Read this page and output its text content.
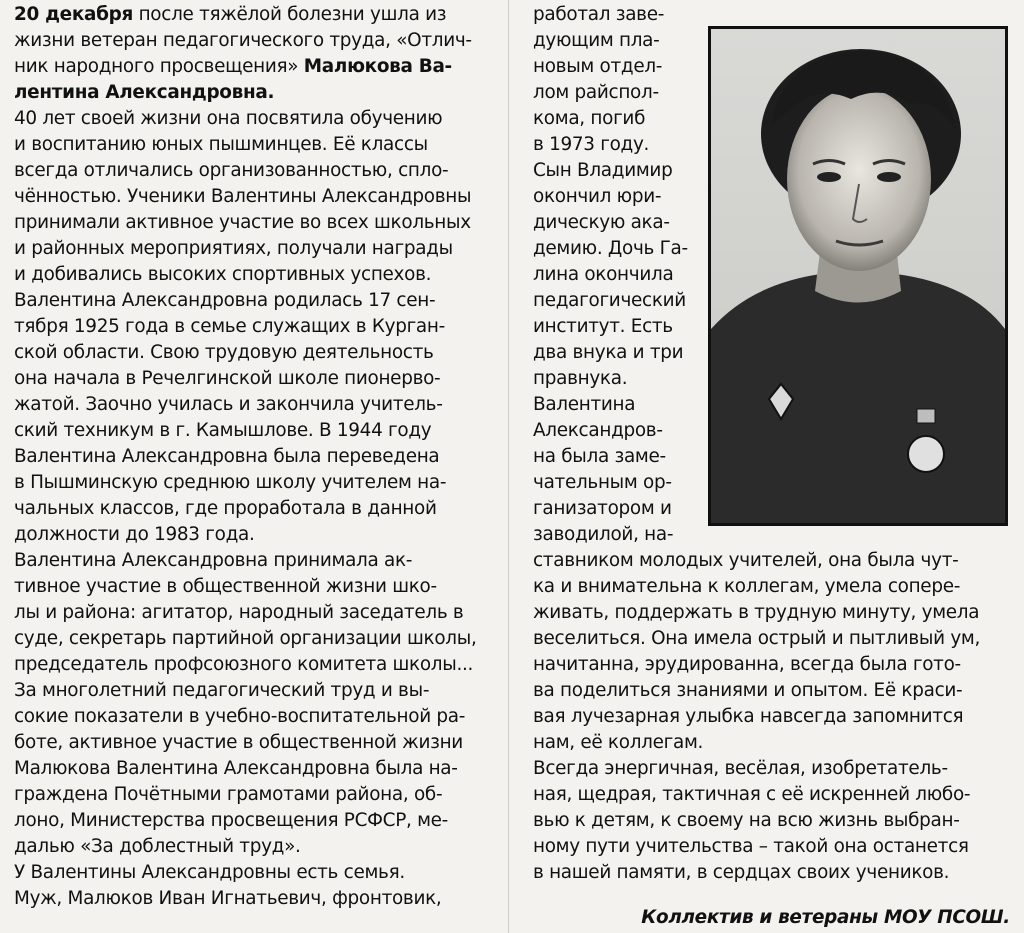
20 декабря после тяжёлой болезни ушла из
жизни ветеран педагогического труда, «Отлич-
ник народного просвещения» Малюкова Ва-
лентина Александровна.
40 лет своей жизни она посвятила обучению
и воспитанию юных пышминцев. Её классы
всегда отличались организованностью, спло-
чённостью. Ученики Валентины Александровны
принимали активное участие во всех школьных
и районных мероприятиях, получали награды
и добивались высоких спортивных успехов.
Валентина Александровна родилась 17 сен-
тября 1925 года в семье служащих в Курган-
ской области. Свою трудовую деятельность
она начала в Речелгинской школе пионерво-
жатой. Заочно училась и закончила учитель-
ский техникум в г. Камышлове. В 1944 году
Валентина Александровна была переведена
в Пышминскую среднюю школу учителем на-
чальных классов, где проработала в данной
должности до 1983 года.
Валентина Александровна принимала ак-
тивное участие в общественной жизни шко-
лы и района: агитатор, народный заседатель в
суде, секретарь партийной организации школы,
председатель профсоюзного комитета школы...
За многолетний педагогический труд и вы-
сокие показатели в учебно-воспитательной ра-
боте, активное участие в общественной жизни
Малюкова Валентина Александровна была на-
граждена Почётными грамотами района, об-
лоно, Министерства просвещения РСФСР, ме-
далью «За доблестный труд».
У Валентины Александровны есть семья.
Муж, Малюков Иван Игнатьевич, фронтовик,
работал заве-
дующим пла-
новым отдел-
лом райспол-
кома, погиб
в 1973 году.
Сын Владимир
окончил юри-
дическую ака-
демию. Дочь Га-
лина окончила
педагогический
институт. Есть
два внука и три
правнука.
Валентина
Александров-
на была заме-
чательным ор-
ганизатором и
заводилой, на-
ставником молодых учителей, она была чут-
ка и внимательна к коллегам, умела сопере-
живать, поддержать в трудную минуту, умела
веселиться. Она имела острый и пытливый ум,
начитанна, эрудированна, всегда была гото-
ва поделиться знаниями и опытом. Её краси-
вая лучезарная улыбка навсегда запомнится
нам, её коллегам.
Всегда энергичная, весёлая, изобретатель-
ная, щедрая, тактичная с её искренней любо-
вью к детям, к своему на всю жизнь выбран-
ному пути учительства – такой она останется
в нашей памяти, в сердцах своих учеников.
Коллектив и ветераны МОУ ПСОШ.
